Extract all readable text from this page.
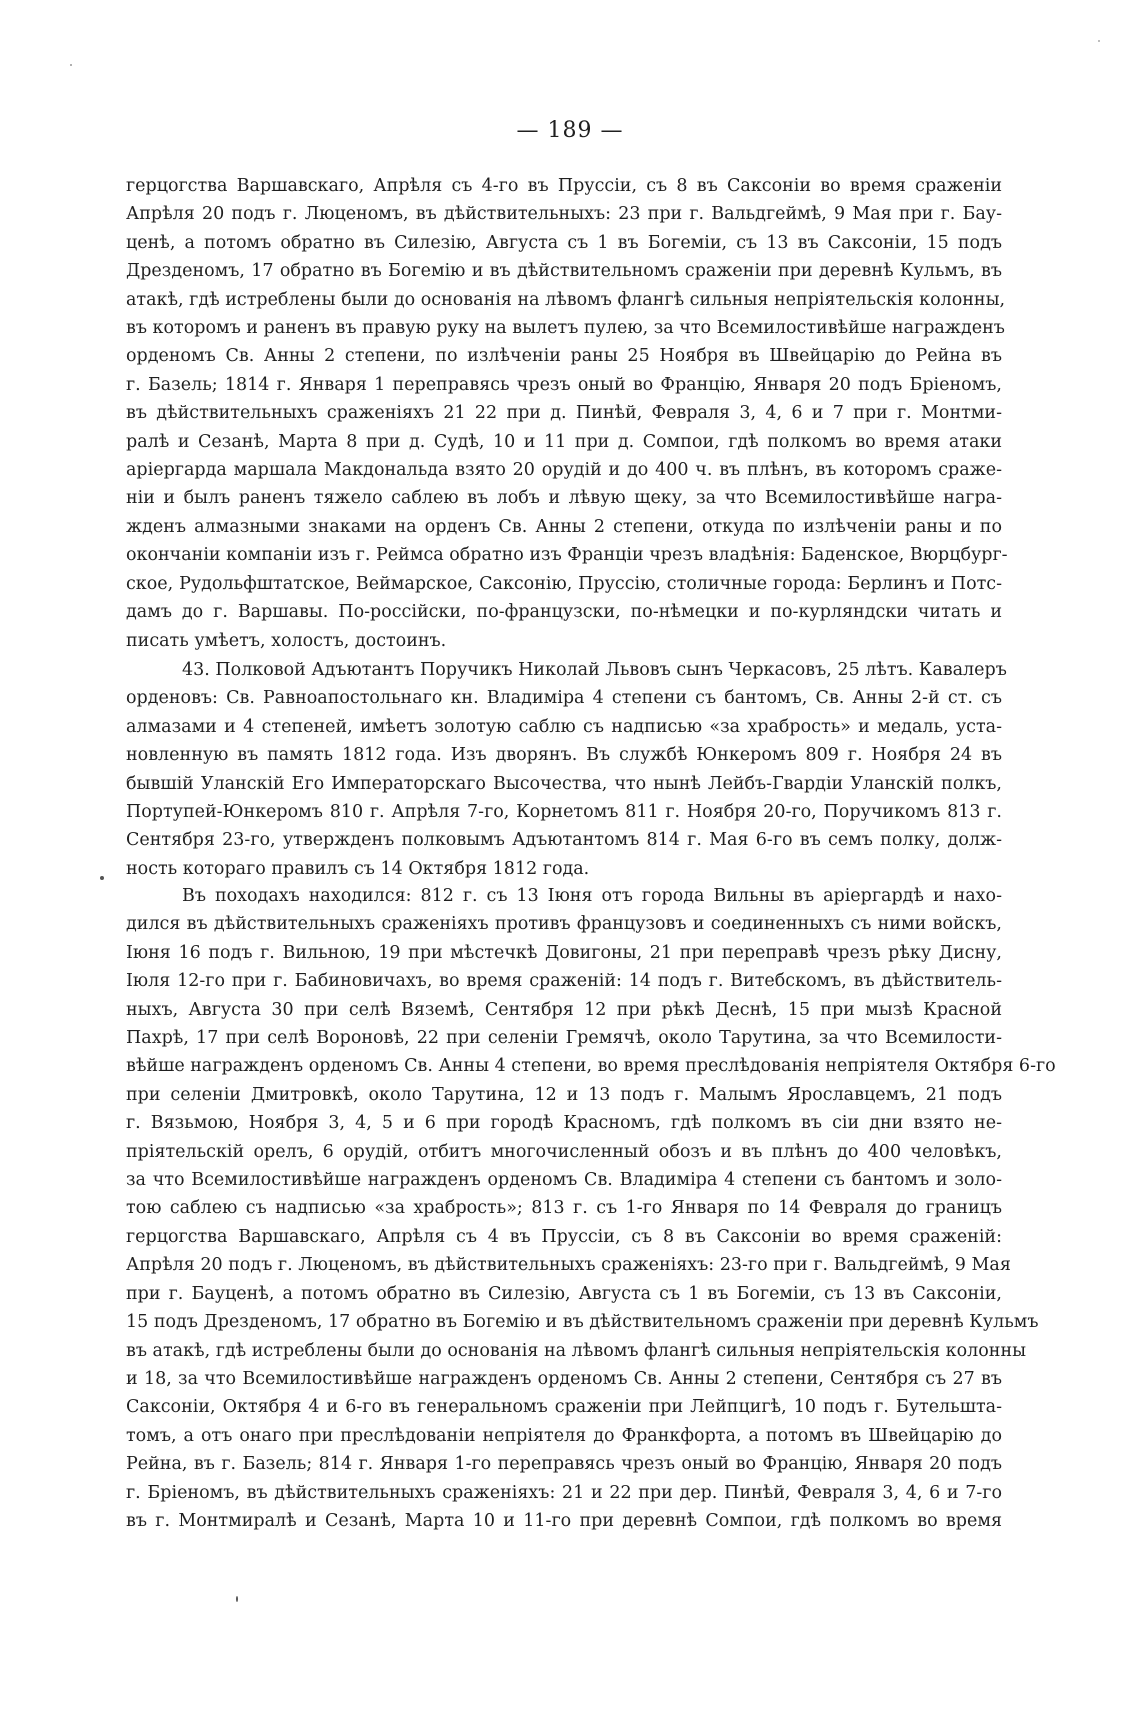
— 189 —
герцогства Варшавскаго, Апрѣля съ 4-го въ Пруссіи, съ 8 въ Саксоніи во время сраженіи
Апрѣля 20 подъ г. Люценомъ, въ дѣйствительныхъ: 23 при г. Вальдгеймѣ, 9 Мая при г. Бау-
ценѣ, а потомъ обратно въ Силезію, Августа съ 1 въ Богеміи, съ 13 въ Саксоніи, 15 подъ
Дрезденомъ, 17 обратно въ Богемію и въ дѣйствительномъ сраженіи при деревнѣ Кульмъ, въ
атакѣ, гдѣ истреблены были до основанія на лѣвомъ флангѣ сильныя непріятельскія колонны,
въ которомъ и раненъ въ правую руку на вылетъ пулею, за что Всемилостивѣйше награжденъ
орденомъ Св. Анны 2 степени, по излѣченіи раны 25 Ноября въ Швейцарію до Рейна въ
г. Базель; 1814 г. Января 1 переправясь чрезъ оный во Францію, Января 20 подъ Бріеномъ,
въ дѣйствительныхъ сраженіяхъ 21 22 при д. Пинѣй, Февраля 3, 4, 6 и 7 при г. Монтми-
ралѣ и Сезанѣ, Марта 8 при д. Судѣ, 10 и 11 при д. Сомпои, гдѣ полкомъ во время атаки
аріергарда маршала Макдональда взято 20 орудій и до 400 ч. въ плѣнъ, въ которомъ сраже-
ніи и былъ раненъ тяжело саблею въ лобъ и лѣвую щеку, за что Всемилостивѣйше награ-
жденъ алмазными знаками на орденъ Св. Анны 2 степени, откуда по излѣченіи раны и по
окончаніи компаніи изъ г. Реймса обратно изъ Франціи чрезъ владѣнія: Баденское, Вюрцбург-
ское, Рудольфштатское, Веймарское, Саксонію, Пруссію, столичные города: Берлинъ и Потс-
дамъ до г. Варшавы. По-россійски, по-французски, по-нѣмецки и по-курляндски читать и
писать умѣетъ, холостъ, достоинъ.
43. Полковой Адъютантъ Поручикъ Николай Львовъ сынъ Черкасовъ, 25 лѣтъ. Кавалеръ
орденовъ: Св. Равноапостольнаго кн. Владиміра 4 степени съ бантомъ, Св. Анны 2-й ст. съ
алмазами и 4 степеней, имѣетъ золотую саблю съ надписью «за храбрость» и медаль, уста-
новленную въ память 1812 года. Изъ дворянъ. Въ службѣ Юнкеромъ 809 г. Ноября 24 въ
бывшій Уланскій Его Императорскаго Высочества, что нынѣ Лейбъ-Гвардіи Уланскій полкъ,
Портупей-Юнкеромъ 810 г. Апрѣля 7-го, Корнетомъ 811 г. Ноября 20-го, Поручикомъ 813 г.
Сентября 23-го, утвержденъ полковымъ Адъютантомъ 814 г. Мая 6-го въ семъ полку, долж-
ность котораго правилъ съ 14 Октября 1812 года.
Въ походахъ находился: 812 г. съ 13 Іюня отъ города Вильны въ аріергардѣ и нахо-
дился въ дѣйствительныхъ сраженіяхъ противъ французовъ и соединенныхъ съ ними войскъ,
Іюня 16 подъ г. Вильною, 19 при мѣстечкѣ Довигоны, 21 при переправѣ чрезъ рѣку Дисну,
Іюля 12-го при г. Бабиновичахъ, во время сраженій: 14 подъ г. Витебскомъ, въ дѣйствитель-
ныхъ, Августа 30 при селѣ Вяземѣ, Сентября 12 при рѣкѣ Деснѣ, 15 при мызѣ Красной
Пахрѣ, 17 при селѣ Вороновѣ, 22 при селеніи Гремячѣ, около Тарутина, за что Всемилости-
вѣйше награжденъ орденомъ Св. Анны 4 степени, во время преслѣдованія непріятеля Октября 6-го
при селеніи Дмитровкѣ, около Тарутина, 12 и 13 подъ г. Малымъ Ярославцемъ, 21 подъ
г. Вязьмою, Ноября 3, 4, 5 и 6 при городѣ Красномъ, гдѣ полкомъ въ сіи дни взято не-
пріятельскій орелъ, 6 орудій, отбитъ многочисленный обозъ и въ плѣнъ до 400 человѣкъ,
за что Всемилостивѣйше награжденъ орденомъ Св. Владиміра 4 степени съ бантомъ и золо-
тою саблею съ надписью «за храбрость»; 813 г. съ 1-го Января по 14 Февраля до границъ
герцогства Варшавскаго, Апрѣля съ 4 въ Пруссіи, съ 8 въ Саксоніи во время сраженій:
Апрѣля 20 подъ г. Люценомъ, въ дѣйствительныхъ сраженіяхъ: 23-го при г. Вальдгеймѣ, 9 Мая
при г. Бауценѣ, а потомъ обратно въ Силезію, Августа съ 1 въ Богеміи, съ 13 въ Саксоніи,
15 подъ Дрезденомъ, 17 обратно въ Богемію и въ дѣйствительномъ сраженіи при деревнѣ Кульмъ
въ атакѣ, гдѣ истреблены были до основанія на лѣвомъ флангѣ сильныя непріятельскія колонны
и 18, за что Всемилостивѣйше награжденъ орденомъ Св. Анны 2 степени, Сентября съ 27 въ
Саксоніи, Октября 4 и 6-го въ генеральномъ сраженіи при Лейпцигѣ, 10 подъ г. Бутельшта-
томъ, а отъ онаго при преслѣдованіи непріятеля до Франкфорта, а потомъ въ Швейцарію до
Рейна, въ г. Базель; 814 г. Января 1-го переправясь чрезъ оный во Францію, Января 20 подъ
г. Бріеномъ, въ дѣйствительныхъ сраженіяхъ: 21 и 22 при дер. Пинѣй, Февраля 3, 4, 6 и 7-го
въ г. Монтмиралѣ и Сезанѣ, Марта 10 и 11-го при деревнѣ Сомпои, гдѣ полкомъ во время
